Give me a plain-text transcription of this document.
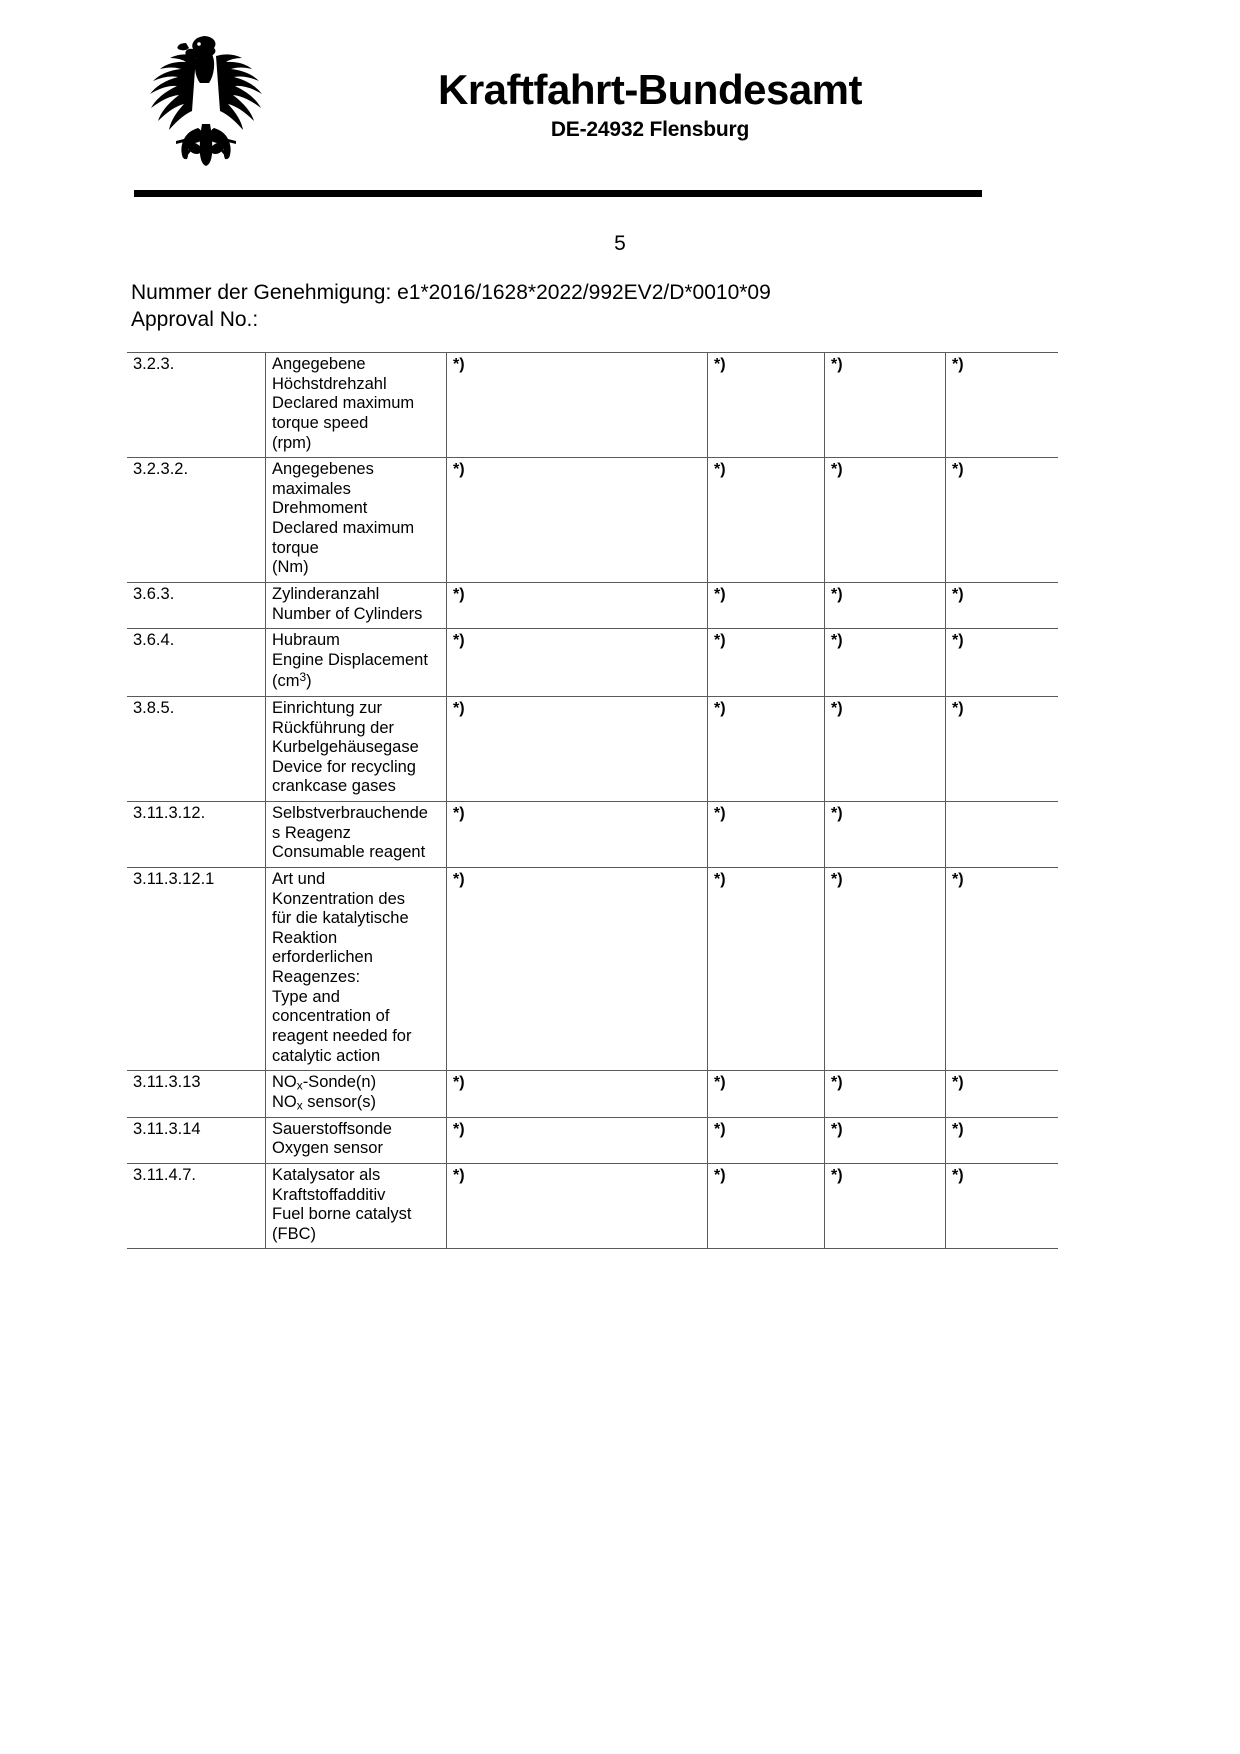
Kraftfahrt-Bundesamt
DE-24932 Flensburg
5
Nummer der Genehmigung: e1*2016/1628*2022/992EV2/D*0010*09
Approval No.:
3.2.3.	Angegebene
Höchstdrehzahl
Declared maximum
torque speed
(rpm)	*)	*)	*)	*)
3.2.3.2.	Angegebenes
maximales
Drehmoment
Declared maximum
torque
(Nm)
	*)	*)	*)	*)
3.6.3.	Zylinderanzahl
Number of Cylinders	*)	*)	*)	*)
3.6.4.	Hubraum
Engine Displacement
$(cm^3)$	*)	*)	*)	*)
3.8.5.	Einrichtung zur
Rückführung der
Kurbelgehäusegase
Device for recycling
crankcase gases	*)	*)	*)	*)
3.11.3.12.	Selbstverbrauchende
s Reagenz
Consumable reagent	*)	*)	*)	
3.11.3.12.1	Art und
Konzentration des
für die katalytische
Reaktion
erforderlichen
Reagenzes:
Type and
concentration of
reagent needed for
catalytic action
	*)	*)	*)	*)
3.11.3.13	$NO_x-Sonde(n)$
$NO_x$ sensor(s)	*)	*)	*)	*)
3.11.3.14	Sauerstoffsonde
Oxygen sensor	*)	*)	*)	*)
3.11.4.7.	Katalysator als
Kraftstoffadditiv
Fuel borne catalyst
(FBC)	*)	*)	*)	*)
